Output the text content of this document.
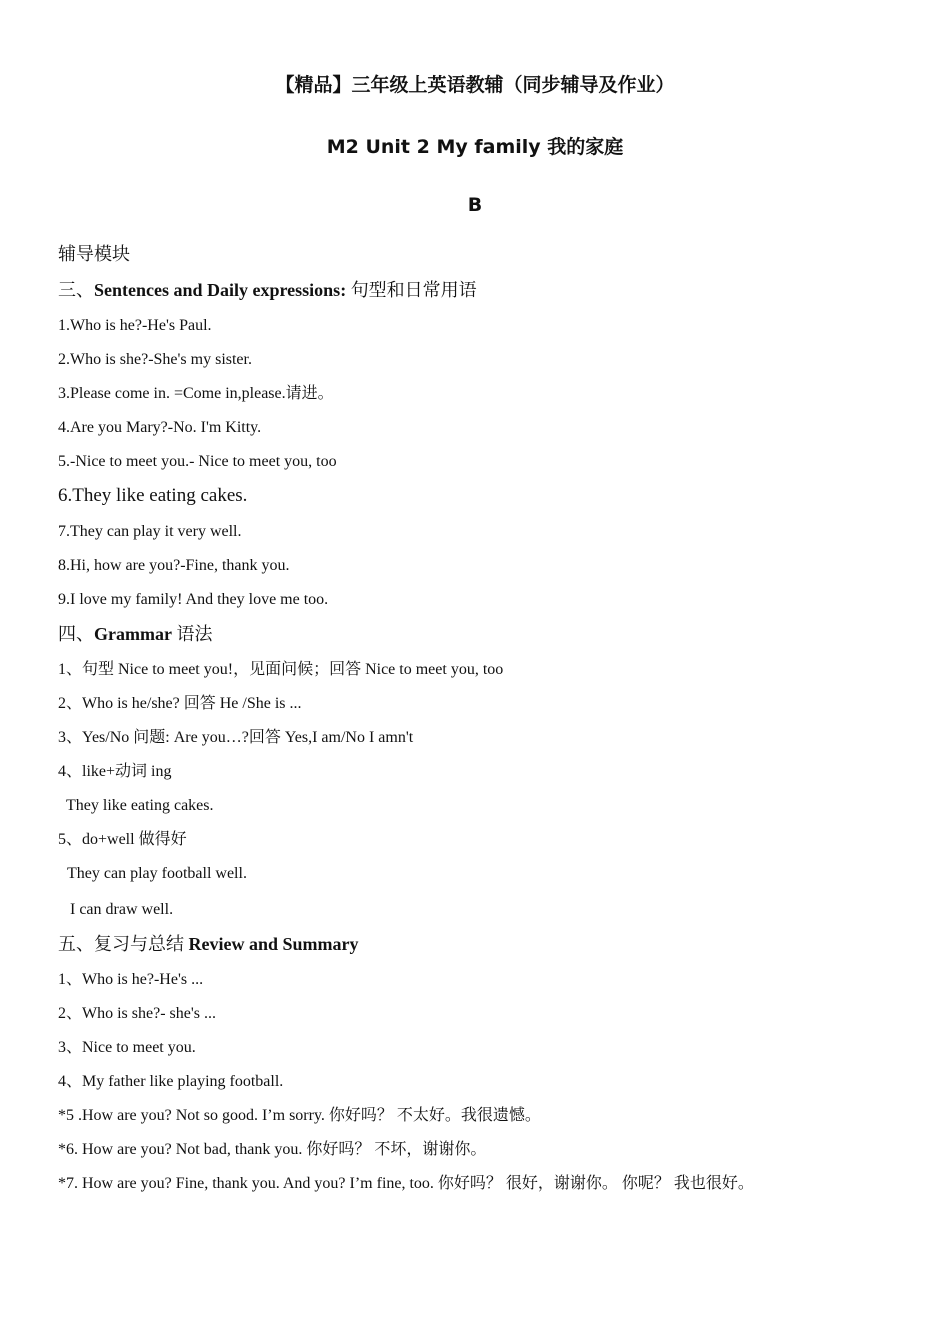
【精品】三年级上英语教辅（同步辅导及作业）
M2 Unit 2 My family 我的家庭
B
辅导模块
三、Sentences and Daily expressions: 句型和日常用语
1.Who is he?-He's Paul.
2.Who is she?-She's my sister.
3.Please come in. =Come in,please.请进。
4.Are you Mary?-No. I'm Kitty.
5.-Nice to meet you.- Nice to meet you, too
6.They like eating cakes.
7.They can play it very well.
8.Hi, how are you?-Fine, thank you.
9.I love my family! And they love me too.
四、Grammar 语法
1、句型 Nice to meet you!，见面问候；回答 Nice to meet you, too
2、Who is he/she? 回答 He /She is ...
3、Yes/No 问题: Are you…?回答 Yes,I am/No I amn't
4、like+动词 ing
They like eating cakes.
5、do+well 做得好
They can play football well.
I can draw well.
五、复习与总结 Review and Summary
1、Who is he?-He's ...
2、Who is she?- she's ...
3、Nice to meet you.
4、My father like playing football.
*5 .How are you? Not so good. I’m sorry. 你好吗？ 不太好。我很遗憾。
*6. How are you? Not bad, thank you. 你好吗？ 不坏，谢谢你。
*7. How are you? Fine, thank you. And you? I’m fine, too. 你好吗？ 很好，谢谢你。 你呢？ 我也很好。
